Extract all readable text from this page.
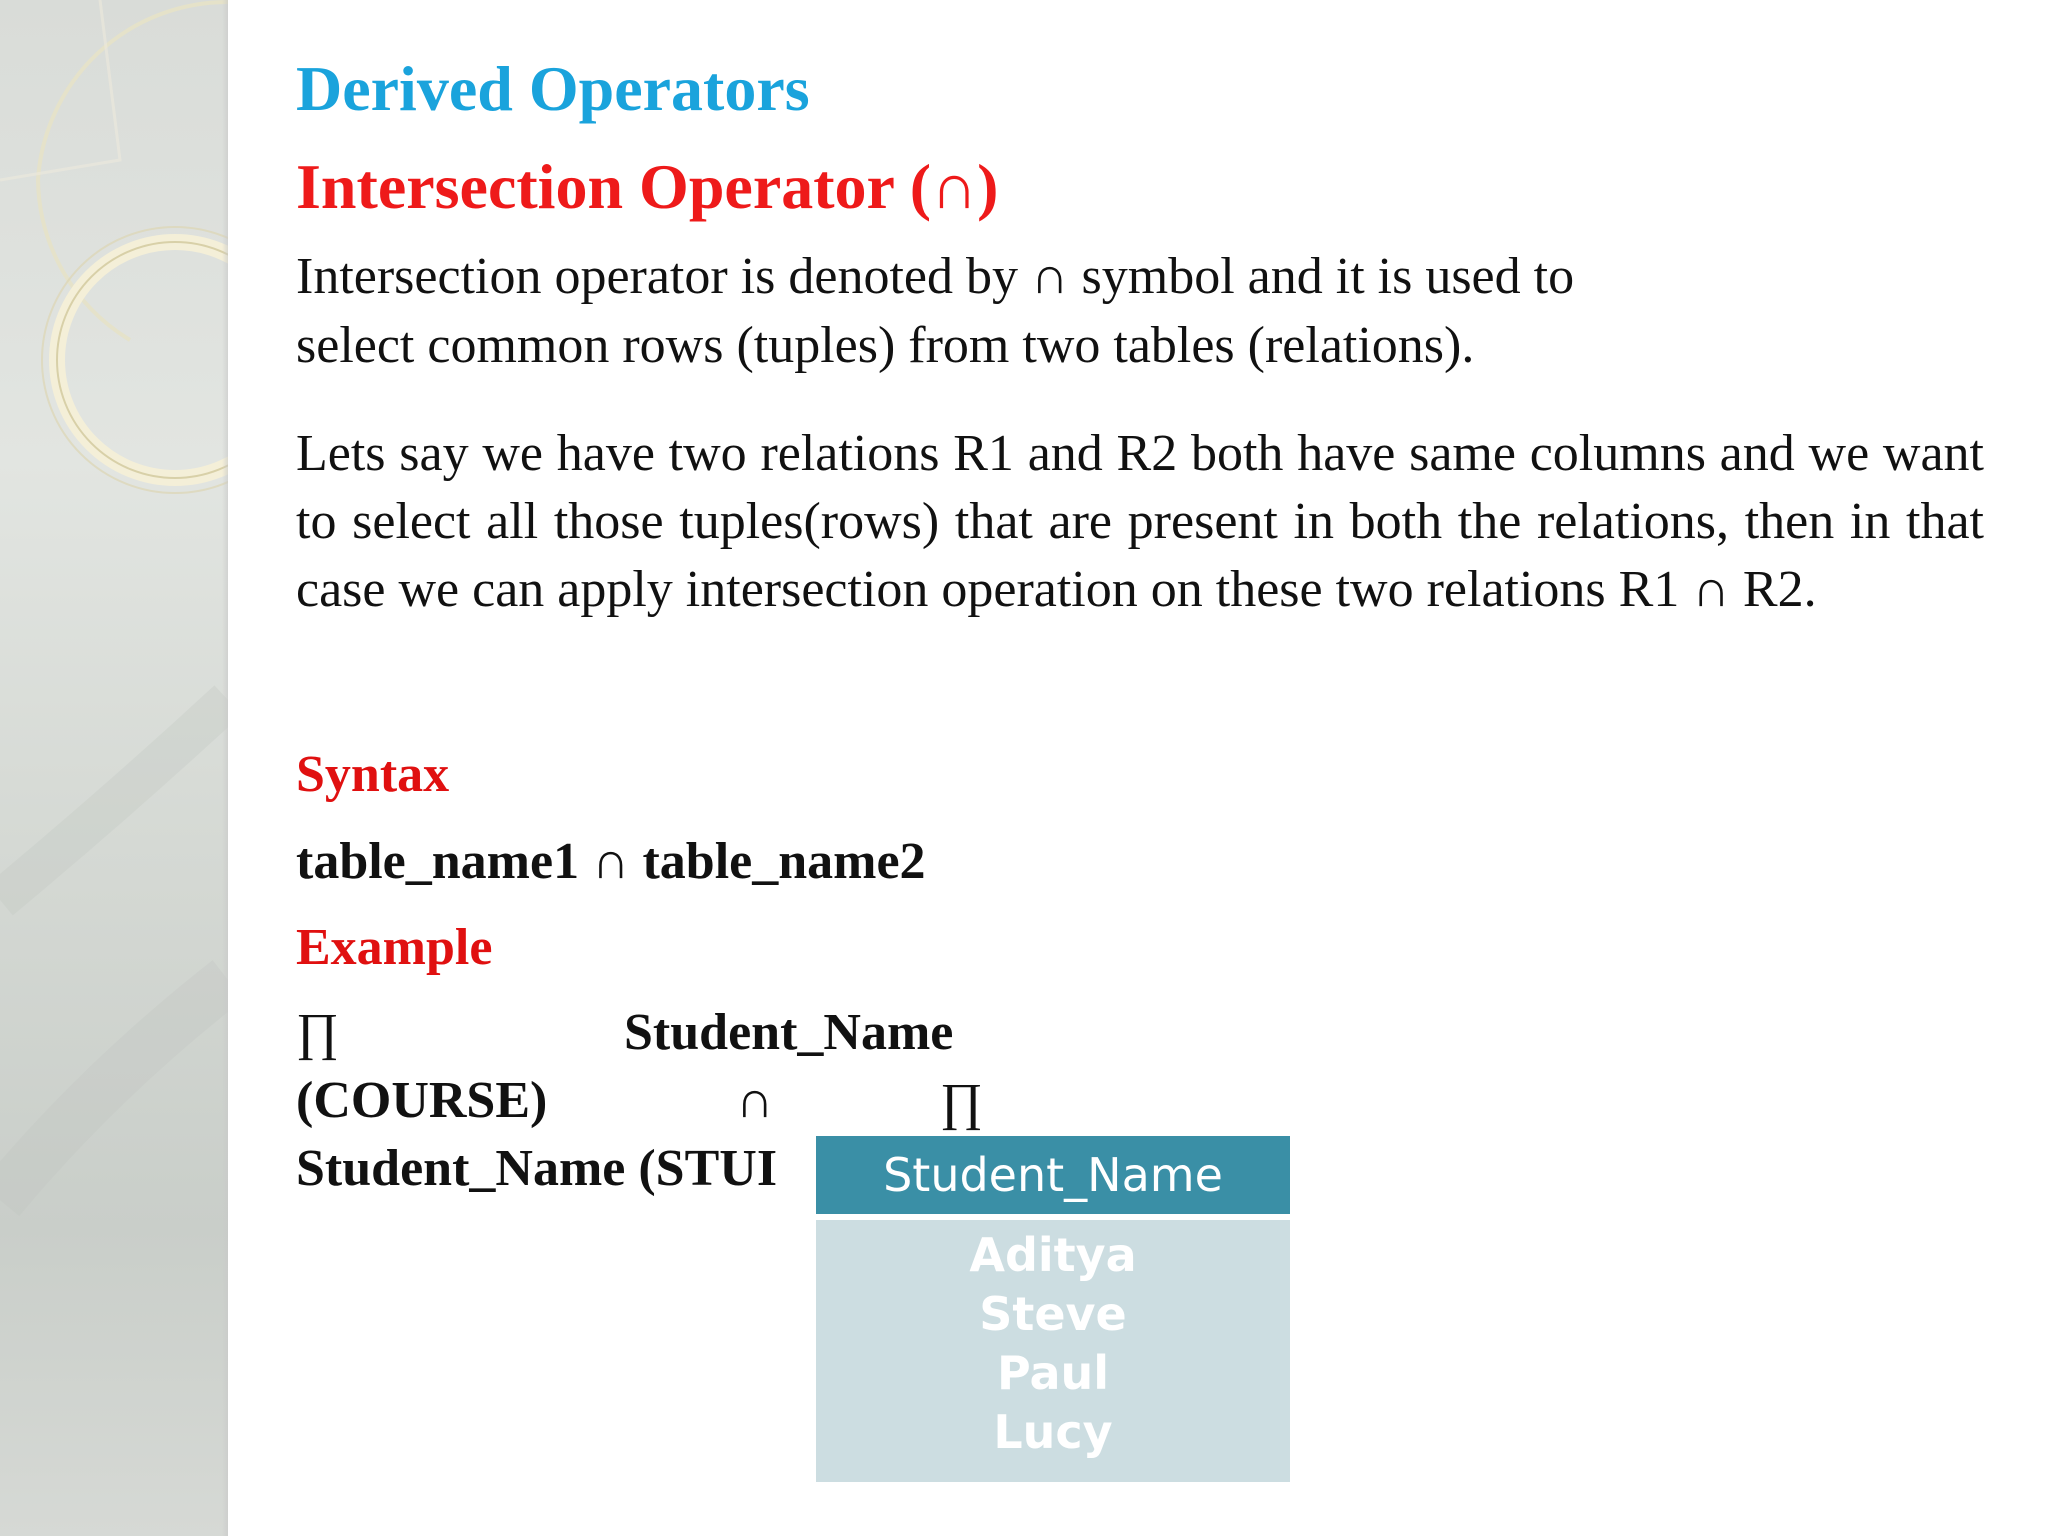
Derived Operators
Intersection Operator (∩)

Intersection operator is denoted by ∩ symbol and it is used to

select common rows (tuples) from two tables (relations).

Lets say we have two relations R1 and R2 both have same columns and we want to select all those tuples(rows) that are present in both the relations, then in that case we can apply intersection operation on these two relations R1 ∩ R2.

Syntax
table_name1 ∩ table_name2
Example
∏	Student_Name
(COURSE)	∩	∏
Student_Name (STUI	Student_Name
Aditya
Steve
Paul
Lucy
